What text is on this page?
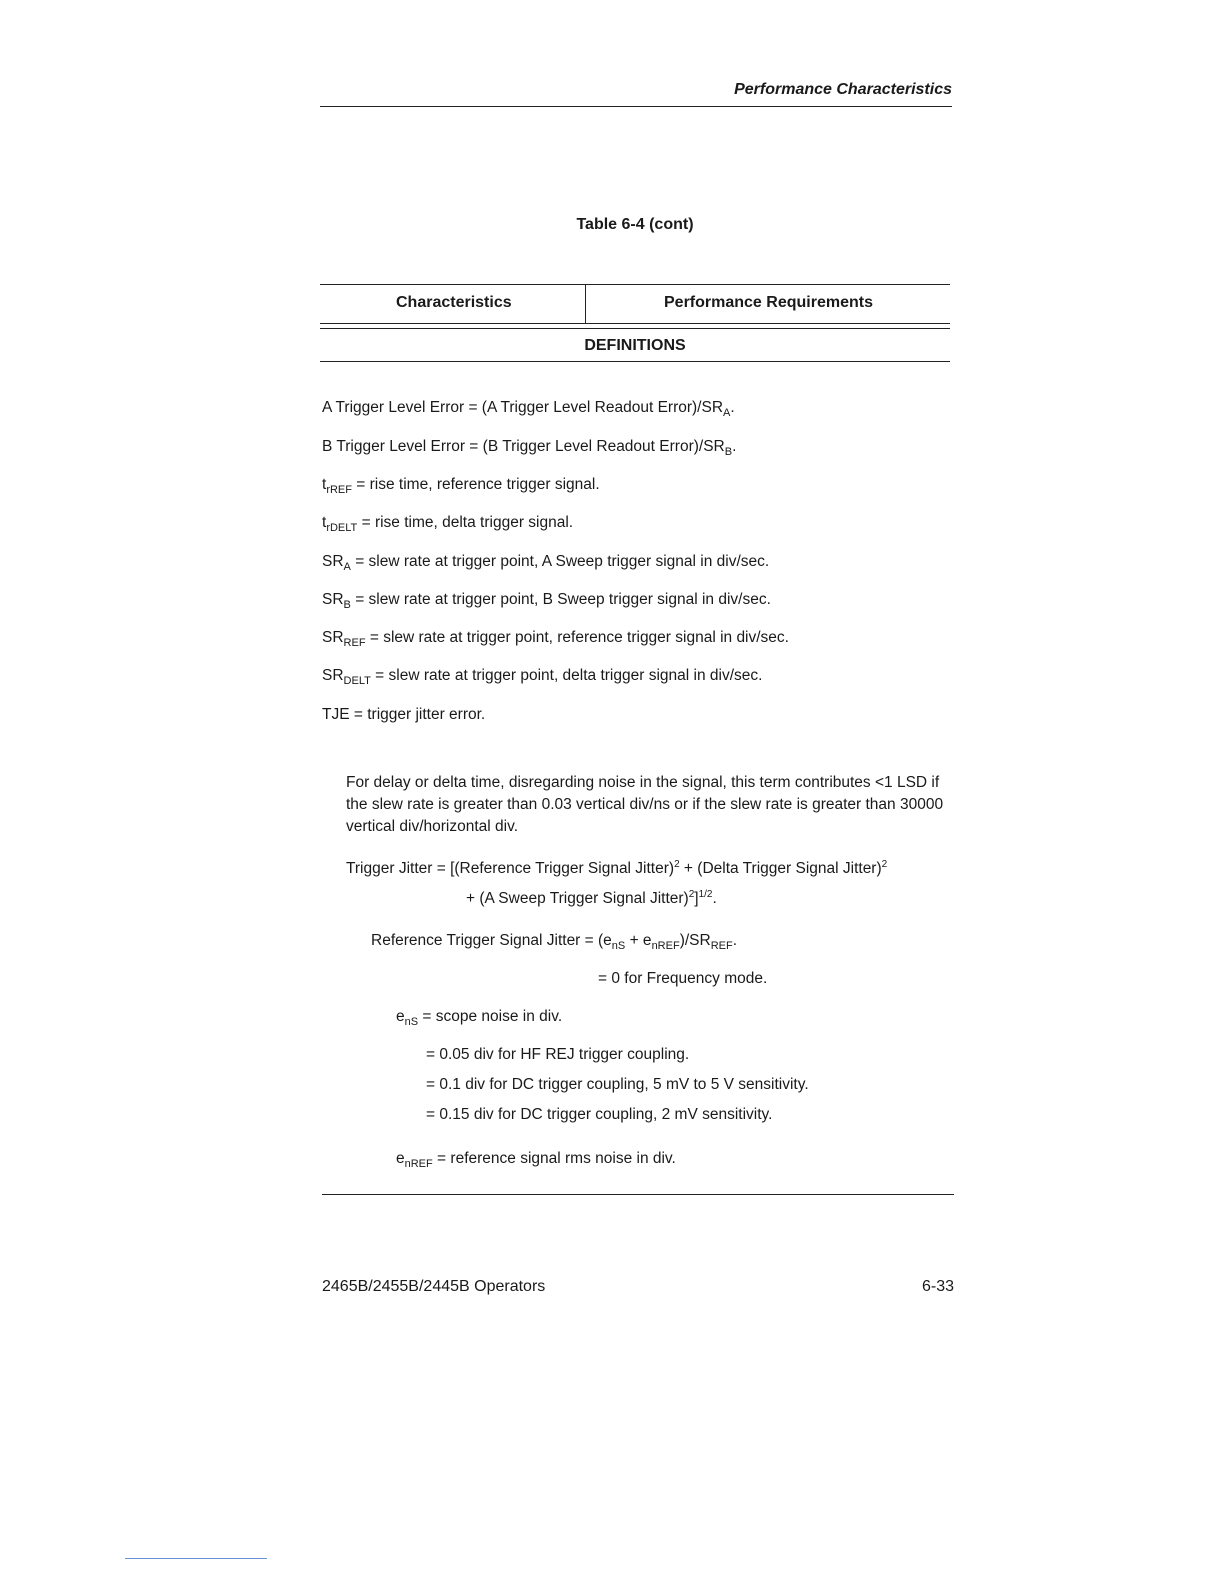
Performance Characteristics
Table 6-4 (cont)
Characteristics	Performance Requirements
DEFINITIONS
A Trigger Level Error = (A Trigger Level Readout $Error)/SR_A$.
B Trigger Level Error = (B Trigger Level Readout $Error)/SR_B$.
$t_{rREF}$ = rise time, reference trigger signal.
$t_{rDELT}$ = rise time, delta trigger signal.
$SR_A$ = slew rate at trigger point, A Sweep trigger signal in div/sec.
$SR_B$ = slew rate at trigger point, B Sweep trigger signal in div/sec.
$SR_{REF}$ = slew rate at trigger point, reference trigger signal in div/sec.
$SR_{DELT}$ = slew rate at trigger point, delta trigger signal in div/sec.
TJE = trigger jitter error.
For delay or delta time, disregarding noise in the signal, this term contributes <1 LSD if the slew rate is greater than 0.03 vertical div/ns or if the slew rate is greater than 30000 vertical div/horizontal div.
Trigger Jitter = [(Reference Trigger Signal Jitter)$^2$ + (Delta Trigger Signal Jitter)$^2$
+ (A Sweep Trigger Signal Jitter)$^2$]$^{1/2}$.
Reference Trigger Signal Jitter = $(e_{nS} + e_{nREF})/SR_{REF}$.
= 0 for Frequency mode.
$e_{nS}$ = scope noise in div.
= 0.05 div for HF REJ trigger coupling.
= 0.1 div for DC trigger coupling, 5 mV to 5 V sensitivity.
= 0.15 div for DC trigger coupling, 2 mV sensitivity.
$e_{nREF}$ = reference signal rms noise in div.
2465B/2455B/2445B Operators	6-33
